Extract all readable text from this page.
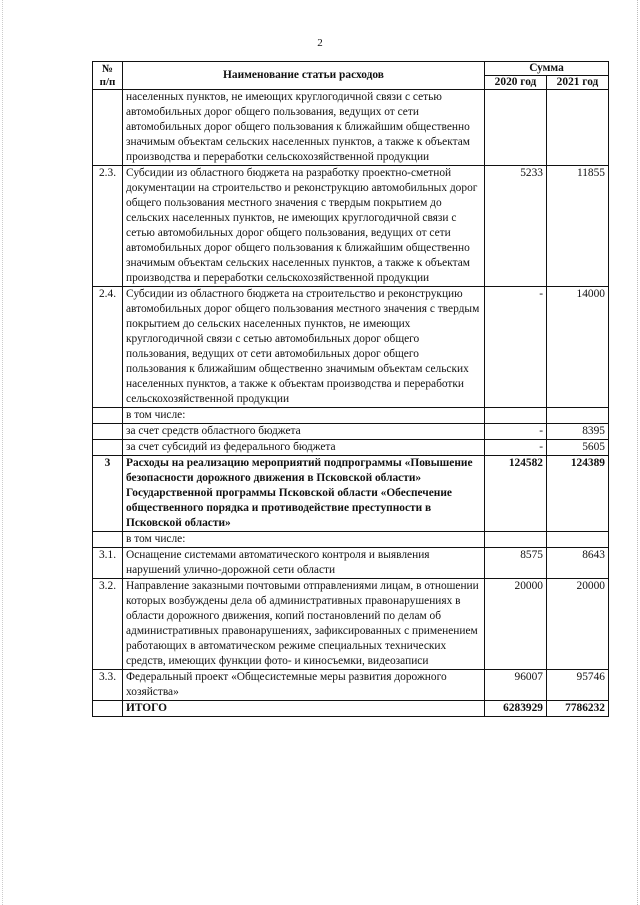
2
№ п/п	Наименование статьи расходов	Сумма	
		2020 год	2021 год
	населенных пунктов, не имеющих круглогодичной связи с сетью автомобильных дорог общего пользования, ведущих от сети автомобильных дорог общего пользования к ближайшим общественно значимым объектам сельских населенных пунктов, а также к объектам производства и переработки сельскохозяйственной продукции		
2.3.	Субсидии из областного бюджета на разработку проектно-сметной документации на строительство и реконструкцию автомобильных дорог общего пользования местного значения с твердым покрытием до сельских населенных пунктов, не имеющих круглогодичной связи с сетью автомобильных дорог общего пользования, ведущих от сети автомобильных дорог общего пользования к ближайшим общественно значимым объектам сельских населенных пунктов, а также к объектам производства и переработки сельскохозяйственной продукции	5233	11855
2.4.	Субсидии из областного бюджета на строительство и реконструкцию автомобильных дорог общего пользования местного значения с твердым покрытием до сельских населенных пунктов, не имеющих круглогодичной связи с сетью автомобильных дорог общего пользования, ведущих от сети автомобильных дорог общего пользования к ближайшим общественно значимым объектам сельских населенных пунктов, а также к объектам производства и переработки сельскохозяйственной продукции	-	14000
	в том числе:		
	за счет средств областного бюджета	-	8395
	за счет субсидий из федерального бюджета	-	5605
3	Расходы на реализацию мероприятий подпрограммы «Повышение безопасности дорожного движения в Псковской области» Государственной программы Псковской области «Обеспечение общественного порядка и противодействие преступности в Псковской области»	124582	124389
	в том числе:		
3.1.	Оснащение системами автоматического контроля и выявления нарушений улично-дорожной сети области	8575	8643
3.2.	Направление заказными почтовыми отправлениями лицам, в отношении которых возбуждены дела об административных правонарушениях в области дорожного движения, копий постановлений по делам об административных правонарушениях, зафиксированных с применением работающих в автоматическом режиме специальных технических средств, имеющих функции фото- и киносъемки, видеозаписи	20000	20000
3.3.	Федеральный проект «Общесистемные меры развития дорожного хозяйства»	96007	95746
	ИТОГО	6283929	7786232
